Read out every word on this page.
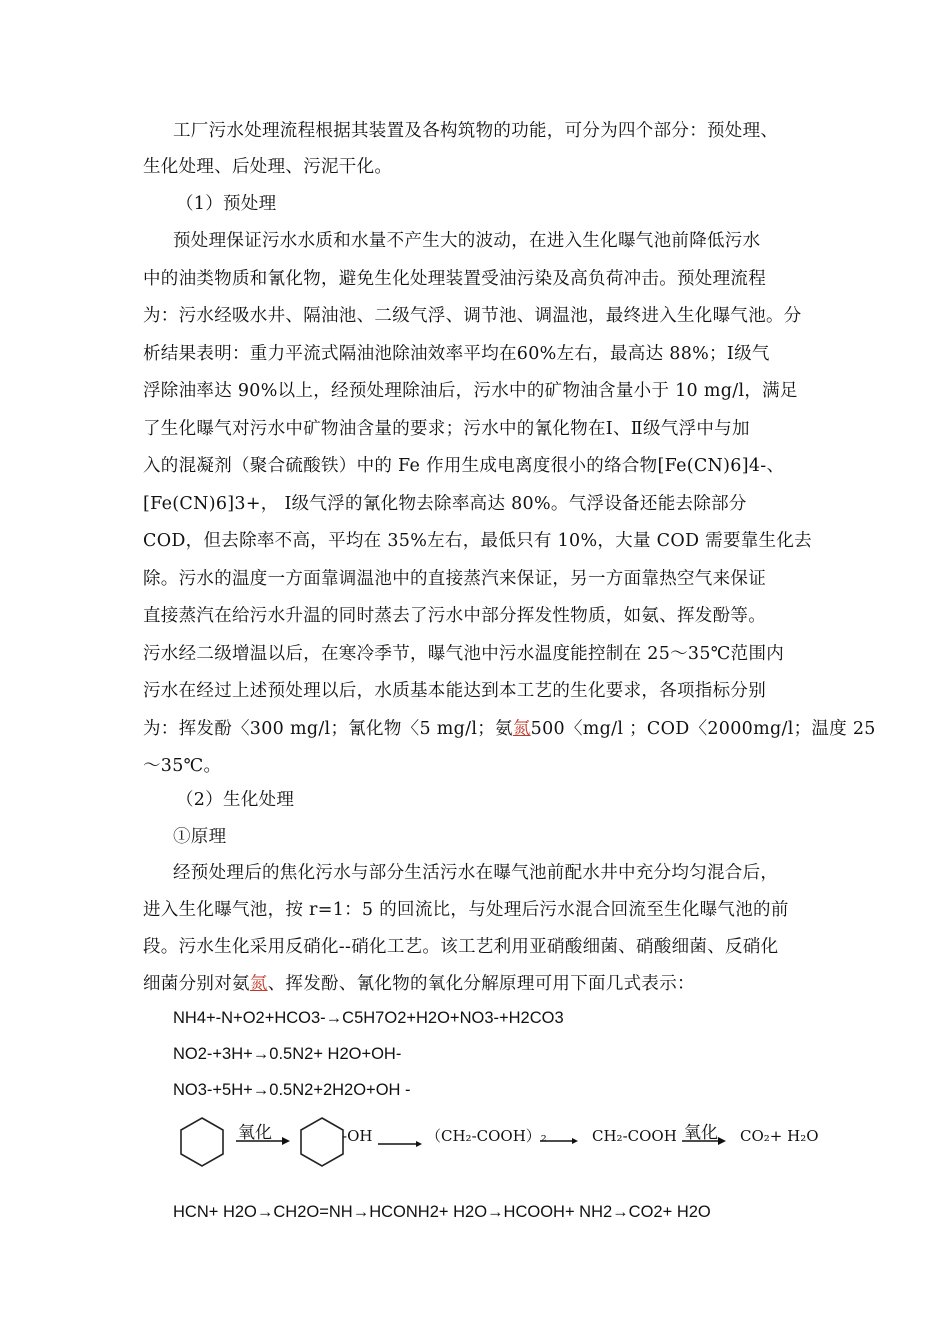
工厂污水处理流程根据其装置及各构筑物的功能，可分为四个部分：预处理、
生化处理、后处理、污泥干化。
（1）预处理
预处理保证污水水质和水量不产生大的波动，在进入生化曝气池前降低污水
中的油类物质和氰化物，避免生化处理装置受油污染及高负荷冲击。预处理流程
为：污水经吸水井、隔油池、二级气浮、调节池、调温池，最终进入生化曝气池。分
析结果表明：重力平流式隔油池除油效率平均在60%左右，最高达 88%；Ⅰ级气
浮除油率达 90%以上，经预处理除油后，污水中的矿物油含量小于 10 mg/l，满足
了生化曝气对污水中矿物油含量的要求；污水中的氰化物在Ⅰ、Ⅱ级气浮中与加
入的混凝剂（聚合硫酸铁）中的 Fe 作用生成电离度很小的络合物[Fe(CN)6]4-、
[Fe(CN)6]3+， Ⅰ级气浮的氰化物去除率高达 80%。气浮设备还能去除部分
COD，但去除率不高，平均在 35%左右，最低只有 10%，大量 COD 需要靠生化去
除。污水的温度一方面靠调温池中的直接蒸汽来保证，另一方面靠热空气来保证
直接蒸汽在给污水升温的同时蒸去了污水中部分挥发性物质，如氨、挥发酚等。
污水经二级增温以后，在寒冷季节，曝气池中污水温度能控制在 25～35℃范围内
污水在经过上述预处理以后，水质基本能达到本工艺的生化要求，各项指标分别
为：挥发酚〈300 mg/l；氰化物〈5 mg/l；氨氮500〈mg/l ；COD〈2000mg/l；温度 25
～35℃。
（2）生化处理
①原理
经预处理后的焦化污水与部分生活污水在曝气池前配水井中充分均匀混合后，
进入生化曝气池，按 r=1：5 的回流比，与处理后污水混合回流至生化曝气池的前
段。污水生化采用反硝化--硝化工艺。该工艺利用亚硝酸细菌、硝酸细菌、反硝化
细菌分别对氨氮、挥发酚、氰化物的氧化分解原理可用下面几式表示：
NH4+-N+O2+HCO3-→C5H7O2+H2O+NO3-+H2CO3
NO2-+3H+→0.5N2+ H2O+OH-
NO3-+5H+→0.5N2+2H2O+OH -
氧化	-OH	（CH₂-COOH）₂	CH₂-COOH 氧化 CO₂+ H₂O
HCN+ H2O→CH2O=NH→HCONH2+ H2O→HCOOH+ NH2→CO2+ H2O
